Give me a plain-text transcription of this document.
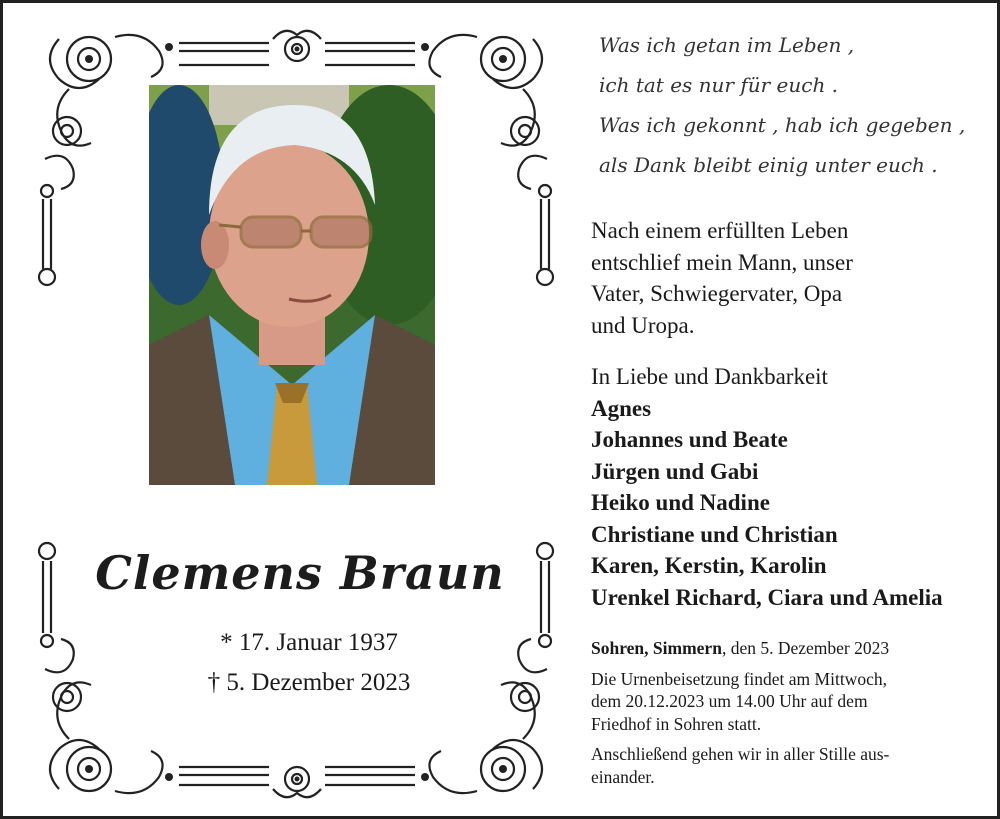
Clemens Braun
* 17. Januar 1937
† 5. Dezember 2023
Was ich getan im Leben ,
ich tat es nur für euch .
Was ich gekonnt , hab ich gegeben ,
als Dank bleibt einig unter euch .
Nach einem erfüllten Leben
entschlief mein Mann, unser
Vater, Schwiegervater, Opa
und Uropa.
In Liebe und Dankbarkeit
Agnes
Johannes und Beate
Jürgen und Gabi
Heiko und Nadine
Christiane und Christian
Karen, Kerstin, Karolin
Urenkel Richard, Ciara und Amelia
Sohren, Simmern, den 5. Dezember 2023
Die Urnenbeisetzung findet am Mittwoch,
dem 20.12.2023 um 14.00 Uhr auf dem
Friedhof in Sohren statt.
Anschließend gehen wir in aller Stille aus-
einander.
